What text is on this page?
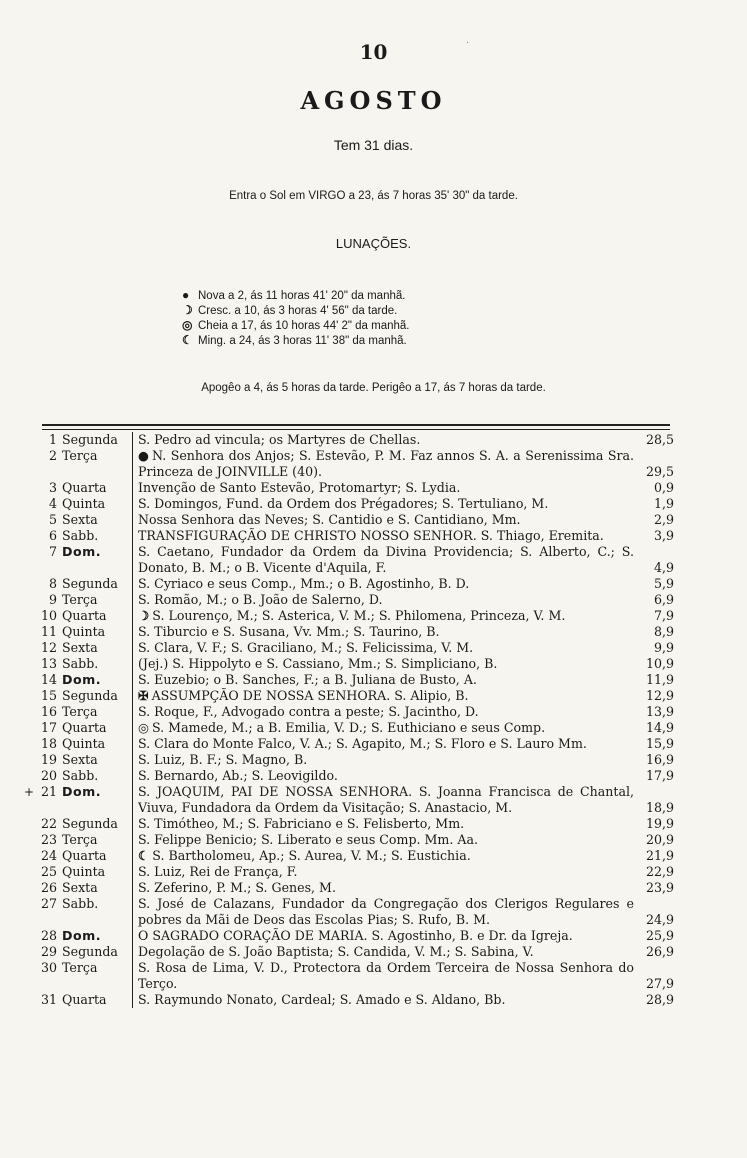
10
AGOSTO
Tem 31 dias.
Entra o Sol em VIRGO a 23, ás 7 horas 35' 30" da tarde.
LUNAÇÕES.
● Nova a 2, ás 11 horas 41' 20" da manhã.
☽ Cresc. a 10, ás 3 horas 4' 56" da tarde.
◎ Cheia a 17, ás 10 horas 44' 2" da manhã.
☾ Ming. a 24, ás 3 horas 11' 38" da manhã.
Apogêo a 4, ás 5 horas da tarde. Perigêo a 17, ás 7 horas da tarde.
1 Segunda	S. Pedro ad vincula; os Martyres de Chellas.	28,5
2 Terça	● N. Senhora dos Anjos; S. Estevão, P. M. Faz annos S. A. a Serenissima Sra. Princeza de JOINVILLE (40).	29,5
3 Quarta	Invenção de Santo Estevão, Protomartyr; S. Lydia.	0,9
4 Quinta	S. Domingos, Fund. da Ordem dos Prégadores; S. Tertuliano, M.	1,9
5 Sexta	Nossa Senhora das Neves; S. Cantidio e S. Cantidiano, Mm.	2,9
6 Sabb.	TRANSFIGURAÇÃO DE CHRISTO NOSSO SENHOR. S. Thiago, Eremita.	3,9
7 Dom.	S. Caetano, Fundador da Ordem da Divina Providencia; S. Alberto, C.; S. Donato, B. M.; o B. Vicente d'Aquila, F.	4,9
8 Segunda	S. Cyriaco e seus Comp., Mm.; o B. Agostinho, B. D.	5,9
9 Terça	S. Romão, M.; o B. João de Salerno, D.	6,9
10 Quarta	☽ S. Lourenço, M.; S. Asterica, V. M.; S. Philomena, Princeza, V. M.	7,9
11 Quinta	S. Tiburcio e S. Susana, Vv. Mm.; S. Taurino, B.	8,9
12 Sexta	S. Clara, V. F.; S. Graciliano, M.; S. Felicissima, V. M.	9,9
13 Sabb.	(Jej.) S. Hippolyto e S. Cassiano, Mm.; S. Simpliciano, B.	10,9
14 Dom.	S. Euzebio; o B. Sanches, F.; a B. Juliana de Busto, A.	11,9
15 Segunda	✠ ASSUMPÇÃO DE NOSSA SENHORA. S. Alipio, B.	12,9
16 Terça	S. Roque, F., Advogado contra a peste; S. Jacintho, D.	13,9
17 Quarta	◎ S. Mamede, M.; a B. Emilia, V. D.; S. Euthiciano e seus Comp.	14,9
18 Quinta	S. Clara do Monte Falco, V. A.; S. Agapito, M.; S. Floro e S. Lauro Mm.	15,9
19 Sexta	S. Luiz, B. F.; S. Magno, B.	16,9
20 Sabb.	S. Bernardo, Ab.; S. Leovigildo.	17,9
+ 21 Dom.	S. JOAQUIM, PAI DE NOSSA SENHORA. S. Joanna Francisca de Chantal, Viuva, Fundadora da Ordem da Visitação; S. Anastacio, M.	18,9
22 Segunda	S. Timótheo, M.; S. Fabriciano e S. Felisberto, Mm.	19,9
23 Terça	S. Felippe Benicio; S. Liberato e seus Comp. Mm. Aa.	20,9
24 Quarta	☾ S. Bartholomeu, Ap.; S. Aurea, V. M.; S. Eustichia.	21,9
25 Quinta	S. Luiz, Rei de França, F.	22,9
26 Sexta	S. Zeferino, P. M.; S. Genes, M.	23,9
27 Sabb.	S. José de Calazans, Fundador da Congregação dos Clerigos Regulares e pobres da Mãi de Deos das Escolas Pias; S. Rufo, B. M.	24,9
28 Dom.	O SAGRADO CORAÇÃO DE MARIA. S. Agostinho, B. e Dr. da Igreja.	25,9
29 Segunda	Degolação de S. João Baptista; S. Candida, V. M.; S. Sabina, V.	26,9
30 Terça	S. Rosa de Lima, V. D., Protectora da Ordem Terceira de Nossa Senhora do Terço.	27,9
31 Quarta	S. Raymundo Nonato, Cardeal; S. Amado e S. Aldano, Bb.	28,9
·
